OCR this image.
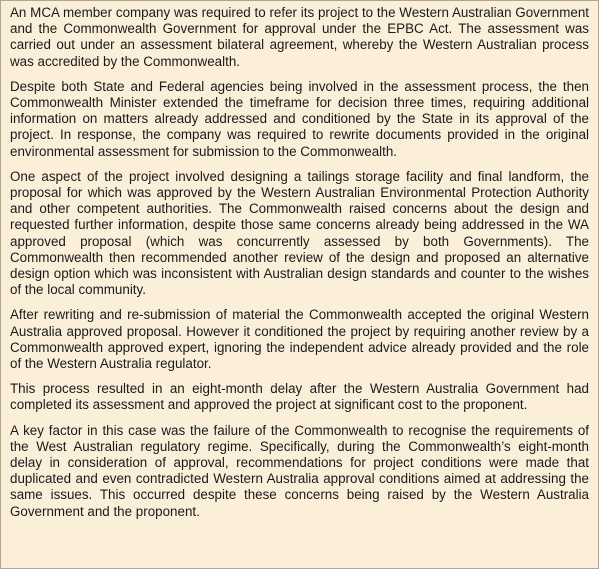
An MCA member company was required to refer its project to the Western Australian Government and the Commonwealth Government for approval under the EPBC Act. The assessment was carried out under an assessment bilateral agreement, whereby the Western Australian process was accredited by the Commonwealth.

Despite both State and Federal agencies being involved in the assessment process, the then Commonwealth Minister extended the timeframe for decision three times, requiring additional information on matters already addressed and conditioned by the State in its approval of the project. In response, the company was required to rewrite documents provided in the original environmental assessment for submission to the Commonwealth.

One aspect of the project involved designing a tailings storage facility and final landform, the proposal for which was approved by the Western Australian Environmental Protection Authority and other competent authorities. The Commonwealth raised concerns about the design and requested further information, despite those same concerns already being addressed in the WA approved proposal (which was concurrently assessed by both Governments). The Commonwealth then recommended another review of the design and proposed an alternative design option which was inconsistent with Australian design standards and counter to the wishes of the local community.

After rewriting and re-submission of material the Commonwealth accepted the original Western Australia approved proposal. However it conditioned the project by requiring another review by a Commonwealth approved expert, ignoring the independent advice already provided and the role of the Western Australia regulator.

This process resulted in an eight-month delay after the Western Australia Government had completed its assessment and approved the project at significant cost to the proponent.

A key factor in this case was the failure of the Commonwealth to recognise the requirements of the West Australian regulatory regime. Specifically, during the Commonwealth’s eight-month delay in consideration of approval, recommendations for project conditions were made that duplicated and even contradicted Western Australia approval conditions aimed at addressing the same issues. This occurred despite these concerns being raised by the Western Australia Government and the proponent.
